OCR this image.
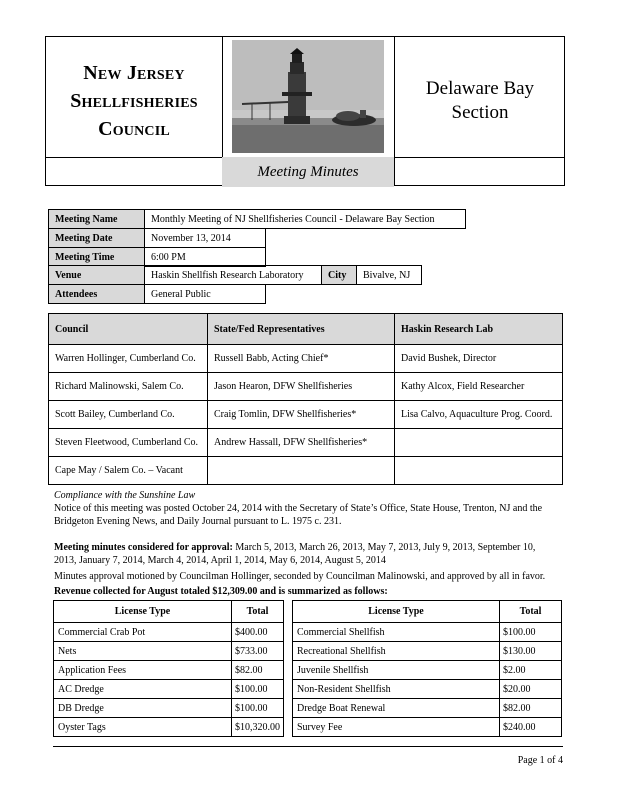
New Jersey
Shellfisheries
Council
Delaware Bay
Section
Meeting Minutes
Meeting Name	Monthly Meeting of NJ Shellfisheries Council - Delaware Bay Section
Meeting Date	November 13, 2014
Meeting Time	6:00 PM
Venue	Haskin Shellfish Research Laboratory	City	Bivalve, NJ
Attendees	General Public
Council	State/Fed Representatives	Haskin Research Lab
Warren Hollinger, Cumberland Co.	Russell Babb, Acting Chief*	David Bushek, Director
Richard Malinowski, Salem Co.	Jason Hearon, DFW Shellfisheries	Kathy Alcox, Field Researcher
Scott Bailey, Cumberland Co.	Craig Tomlin, DFW Shellfisheries*	Lisa Calvo, Aquaculture Prog. Coord.
Steven Fleetwood, Cumberland Co.	Andrew Hassall, DFW Shellfisheries*	
Cape May / Salem Co. – Vacant		
Compliance with the Sunshine Law
Notice of this meeting was posted October 24, 2014 with the Secretary of State’s Office, State House, Trenton, NJ and the Bridgeton Evening News, and Daily Journal pursuant to L. 1975 c. 231.
Meeting minutes considered for approval: March 5, 2013, March 26, 2013, May 7, 2013, July 9, 2013, September 10, 2013, January 7, 2014, March 4, 2014, April 1, 2014, May 6, 2014, August 5, 2014
Minutes approval motioned by Councilman Hollinger, seconded by Councilman Malinowski, and approved by all in favor.
Revenue collected for August totaled $12,309.00 and is summarized as follows:
License Type	Total		License Type	Total
Commercial Crab Pot	$400.00		Commercial Shellfish	$100.00
Nets	$733.00		Recreational Shellfish	$130.00
Application Fees	$82.00		Juvenile Shellfish	$2.00
AC Dredge	$100.00		Non-Resident Shellfish	$20.00
DB Dredge	$100.00		Dredge Boat Renewal	$82.00
Oyster Tags	$10,320.00		Survey Fee	$240.00
Page 1 of 4
